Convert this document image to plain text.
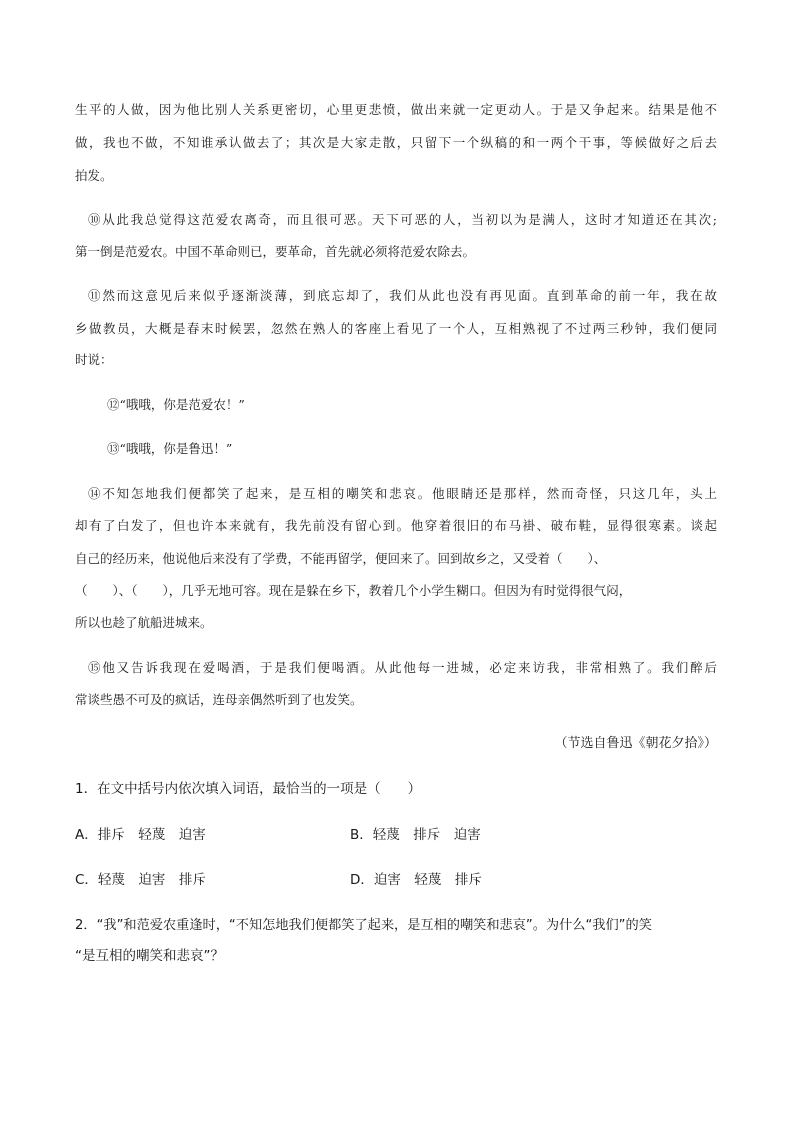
生平的人做，因为他比别人关系更密切，心里更悲愤，做出来就一定更动人。于是又争起来。结果是他不
做，我也不做，不知谁承认做去了；其次是大家走散，只留下一个纵稿的和一两个干事，等候做好之后去
拍发。
⑩从此我总觉得这范爱农离奇，而且很可恶。天下可恶的人，当初以为是满人，这时才知道还在其次;
第一倒是范爱农。中国不革命则已，要革命，首先就必须将范爱农除去。
⑪然而这意见后来似乎逐渐淡薄，到底忘却了，我们从此也没有再见面。直到革命的前一年，我在故
乡做教员，大概是春末时候罢，忽然在熟人的客座上看见了一个人，互相熟视了不过两三秒钟，我们便同
时说：
⑫“哦哦，你是范爱农！”
⑬“哦哦，你是鲁迅！”
⑭不知怎地我们便都笑了起来，是互相的嘲笑和悲哀。他眼睛还是那样，然而奇怪，只这几年，头上
却有了白发了，但也许本来就有，我先前没有留心到。他穿着很旧的布马褂、破布鞋，显得很寒素。谈起
自己的经历来，他说他后来没有了学费，不能再留学，便回来了。回到故乡之，又受着（　　）、
（　　）、（　　），几乎无地可容。现在是躲在乡下，教着几个小学生糊口。但因为有时觉得很气闷，
所以也趁了航船进城来。
⑮他又告诉我现在爱喝酒，于是我们便喝酒。从此他每一进城，必定来访我，非常相熟了。我们醉后
常谈些愚不可及的疯话，连母亲偶然听到了也发笑。
（节选自鲁迅《朝花夕拾》）
1．在文中括号内依次填入词语，最恰当的一项是（　　）
A．排斥　轻蔑　迫害	B．轻蔑　排斥　迫害
C．轻蔑　迫害　排斥	D．迫害　轻蔑　排斥
2．“我”和范爱农重逢时，“不知怎地我们便都笑了起来，是互相的嘲笑和悲哀”。为什么“我们”的笑
“是互相的嘲笑和悲哀”？
